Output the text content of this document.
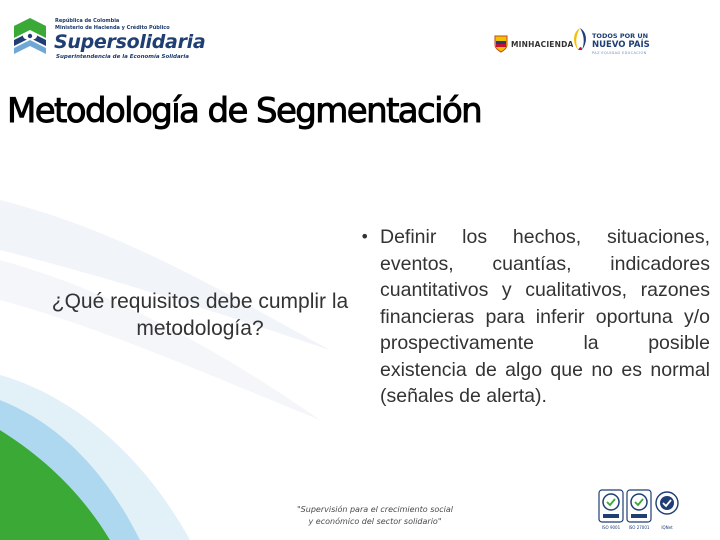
República de Colombia
Ministerio de Hacienda y Crédito Público
Supersolidaria
Superintendencia de la Economía Solidaria
MINHACIENDA
TODOS POR UN
NUEVO PAÍS
PAZ EQUIDAD EDUCACIÓN
Metodología de Segmentación
¿Qué requisitos debe cumplir la metodología?
• Definir los hechos, situaciones, eventos, cuantías, indicadores cuantitativos y cualitativos, razones financieras para inferir oportuna y/o prospectivamente la posible existencia de algo que no es normal (señales de alerta).

"Supervisión para el crecimiento social
y económico del sector solidario"
ISO 9001	ISO 27001	IQNet
